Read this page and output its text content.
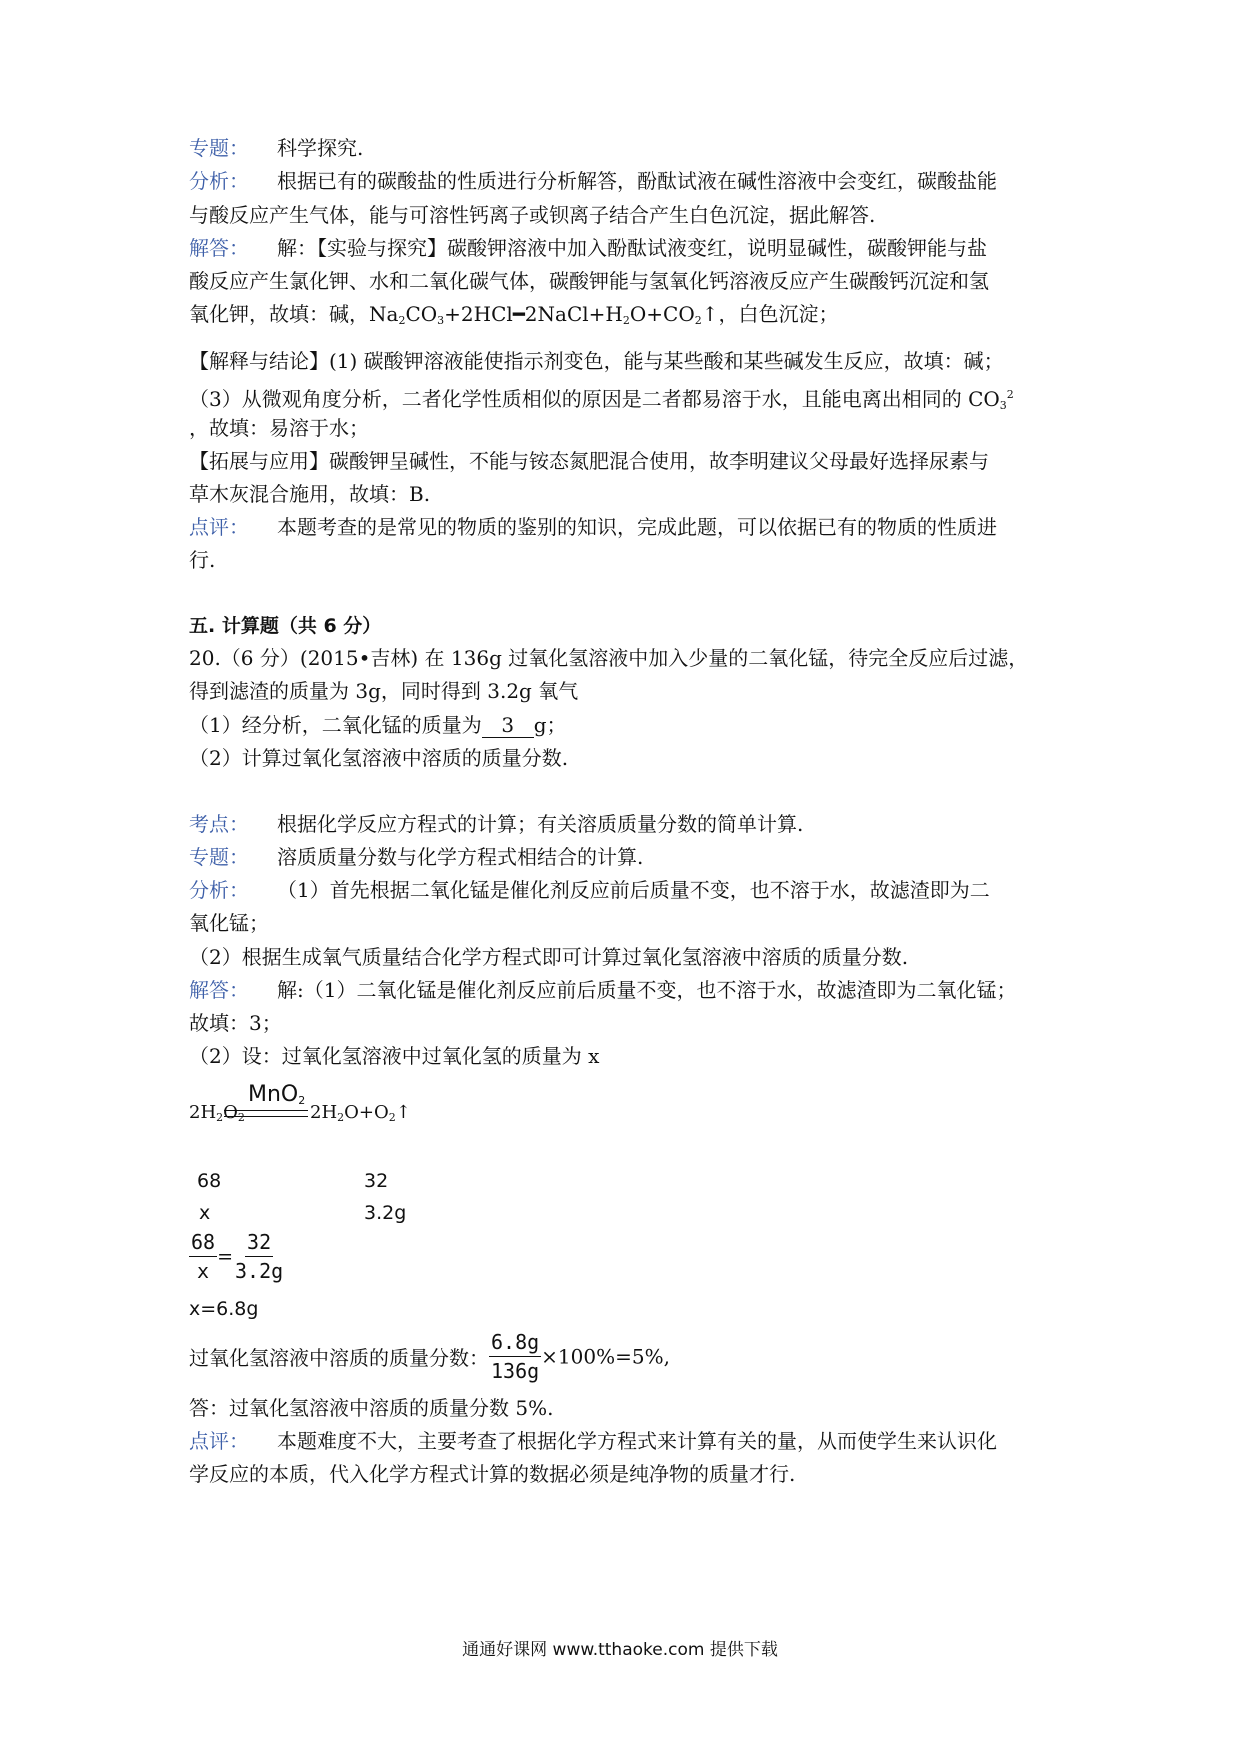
专题： 科学探究.
分析： 根据已有的碳酸盐的性质进行分析解答，酚酞试液在碱性溶液中会变红，碳酸盐能
与酸反应产生气体，能与可溶性钙离子或钡离子结合产生白色沉淀，据此解答.
解答： 解：【实验与探究】碳酸钾溶液中加入酚酞试液变红，说明显碱性，碳酸钾能与盐
酸反应产生氯化钾、水和二氧化碳气体，碳酸钾能与氢氧化钙溶液反应产生碳酸钙沉淀和氢
氧化钾，故填：碱，$Na_2CO_3+2HCl━2NaCl+H_2O+CO_2↑$，白色沉淀；
【解释与结论】(1) 碳酸钾溶液能使指示剂变色，能与某些酸和某些碱发生反应，故填：碱；
（3）从微观角度分析，二者化学性质相似的原因是二者都易溶于水，且能电离出相同的 $CO_3^2$
，故填：易溶于水；
【拓展与应用】碳酸钾呈碱性，不能与铵态氮肥混合使用，故李明建议父母最好选择尿素与
草木灰混合施用，故填：B.
点评： 本题考查的是常见的物质的鉴别的知识，完成此题，可以依据已有的物质的性质进
行.
五. 计算题（共 6 分）
20.（6 分）(2015•吉林) 在 136g 过氧化氢溶液中加入少量的二氧化锰，待完全反应后过滤，
得到滤渣的质量为 3g，同时得到 3.2g 氧气
（1）经分析，二氧化锰的质量为 3 g；
（2）计算过氧化氢溶液中溶质的质量分数.
考点： 根据化学反应方程式的计算；有关溶质质量分数的简单计算.
专题： 溶质质量分数与化学方程式相结合的计算.
分析： （1）首先根据二氧化锰是催化剂反应前后质量不变，也不溶于水，故滤渣即为二
氧化锰；
（2）根据生成氧气质量结合化学方程式即可计算过氧化氢溶液中溶质的质量分数.
解答： 解:（1）二氧化锰是催化剂反应前后质量不变，也不溶于水，故滤渣即为二氧化锰；
故填：3；
（2）设：过氧化氢溶液中过氧化氢的质量为 x
MnO$_2$
$2H_2O_2$	$2H_2O+O_2↑$
68	32
x	3.2g
$\frac{68}{x} = \frac{32}{3.2g}$
x=6.8g
过氧化氢溶液中溶质的质量分数： $\frac{6.8g}{136g} \times 100\%=5\%$,
答：过氧化氢溶液中溶质的质量分数 5%.
点评： 本题难度不大，主要考查了根据化学方程式来计算有关的量，从而使学生来认识化
学反应的本质，代入化学方程式计算的数据必须是纯净物的质量才行.
通通好课网 www.tthaoke.com 提供下载
